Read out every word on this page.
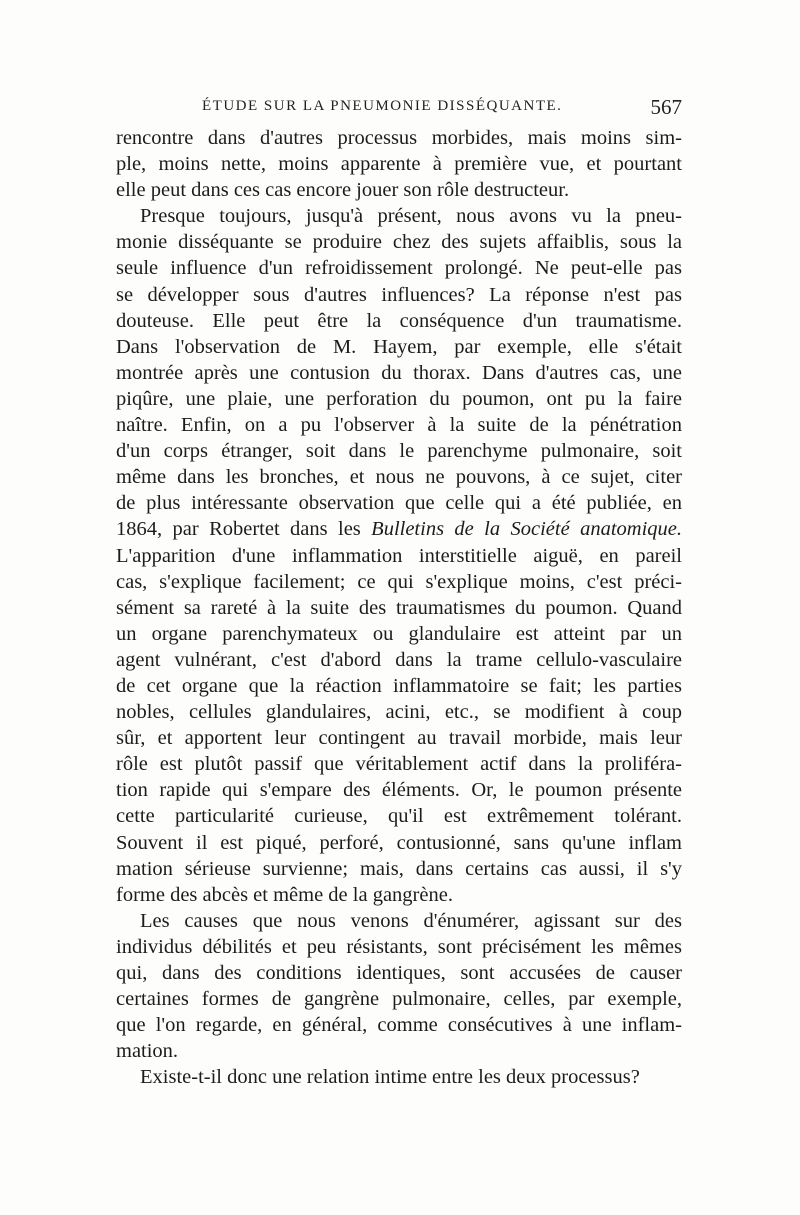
ÉTUDE SUR LA PNEUMONIE DISSÉQUANTE.	567
rencontre dans d'autres processus morbides, mais moins sim-
ple, moins nette, moins apparente à première vue, et pourtant
elle peut dans ces cas encore jouer son rôle destructeur.
Presque toujours, jusqu'à présent, nous avons vu la pneu-
monie disséquante se produire chez des sujets affaiblis, sous la
seule influence d'un refroidissement prolongé. Ne peut-elle pas
se développer sous d'autres influences? La réponse n'est pas
douteuse. Elle peut être la conséquence d'un traumatisme.
Dans l'observation de M. Hayem, par exemple, elle s'était
montrée après une contusion du thorax. Dans d'autres cas, une
piqûre, une plaie, une perforation du poumon, ont pu la faire
naître. Enfin, on a pu l'observer à la suite de la pénétration
d'un corps étranger, soit dans le parenchyme pulmonaire, soit
même dans les bronches, et nous ne pouvons, à ce sujet, citer
de plus intéressante observation que celle qui a été publiée, en
1864, par Robertet dans les Bulletins de la Société anatomique.
L'apparition d'une inflammation interstitielle aiguë, en pareil
cas, s'explique facilement; ce qui s'explique moins, c'est préci-
sément sa rareté à la suite des traumatismes du poumon. Quand
un organe parenchymateux ou glandulaire est atteint par un
agent vulnérant, c'est d'abord dans la trame cellulo-vasculaire
de cet organe que la réaction inflammatoire se fait; les parties
nobles, cellules glandulaires, acini, etc., se modifient à coup
sûr, et apportent leur contingent au travail morbide, mais leur
rôle est plutôt passif que véritablement actif dans la proliféra-
tion rapide qui s'empare des éléments. Or, le poumon présente
cette particularité curieuse, qu'il est extrêmement tolérant.
Souvent il est piqué, perforé, contusionné, sans qu'une inflam
mation sérieuse survienne; mais, dans certains cas aussi, il s'y
forme des abcès et même de la gangrène.
Les causes que nous venons d'énumérer, agissant sur des
individus débilités et peu résistants, sont précisément les mêmes
qui, dans des conditions identiques, sont accusées de causer
certaines formes de gangrène pulmonaire, celles, par exemple,
que l'on regarde, en général, comme consécutives à une inflam-
mation.
Existe-t-il donc une relation intime entre les deux processus?
